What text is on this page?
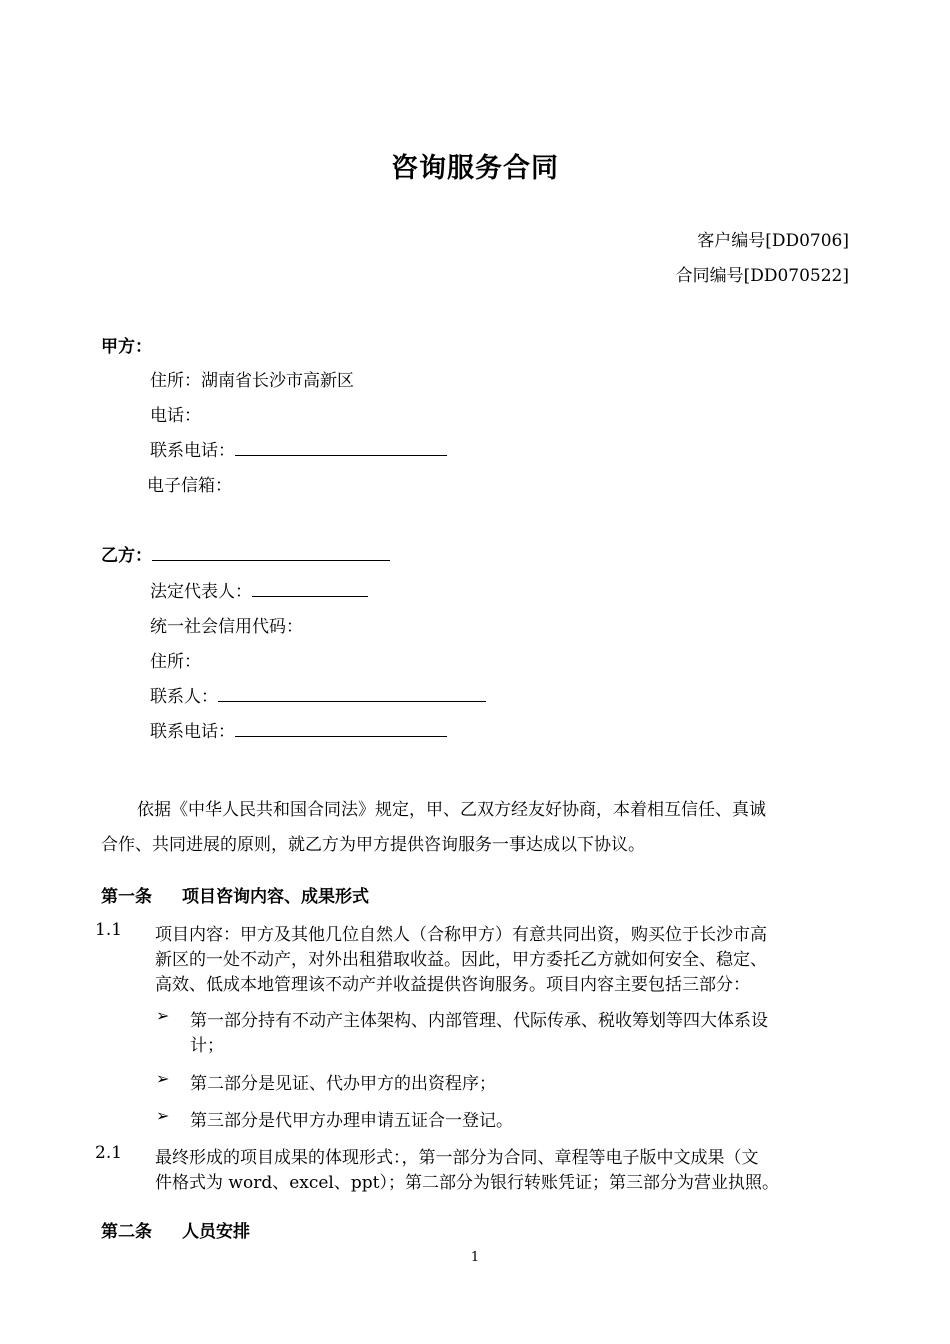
咨询服务合同
客户编号[DD0706]
合同编号[DD070522]
甲方：
住所：湖南省长沙市高新区
电话：
联系电话：
电子信箱：
乙方：
法定代表人：
统一社会信用代码：
住所：
联系人：
联系电话：
依据《中华人民共和国合同法》规定，甲、乙双方经友好协商，本着相互信任、真诚
合作、共同进展的原则，就乙方为甲方提供咨询服务一事达成以下协议。
第一条 项目咨询内容、成果形式
1.1 项目内容：甲方及其他几位自然人（合称甲方）有意共同出资，购买位于长沙市高
新区的一处不动产，对外出租猎取收益。因此，甲方委托乙方就如何安全、稳定、
高效、低成本地管理该不动产并收益提供咨询服务。项目内容主要包括三部分：
➢ 第一部分持有不动产主体架构、内部管理、代际传承、税收筹划等四大体系设
计；
➢ 第二部分是见证、代办甲方的出资程序；
➢ 第三部分是代甲方办理申请五证合一登记。
2.1 最终形成的项目成果的体现形式：，第一部分为合同、章程等电子版中文成果（文
件格式为 word、excel、ppt）；第二部分为银行转账凭证；第三部分为营业执照。
第二条 人员安排
1
